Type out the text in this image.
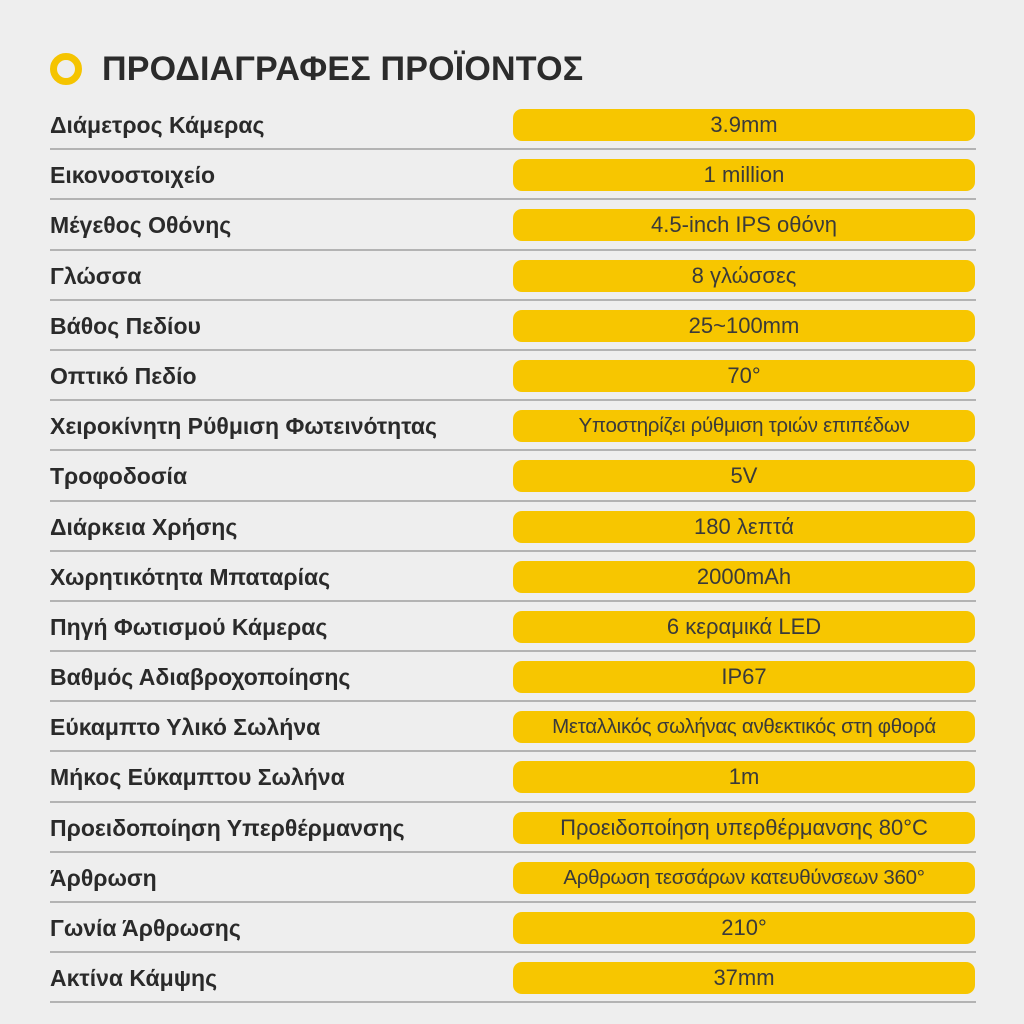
ΠΡΟΔΙΑΓΡΑΦΕΣ ΠΡΟΪΟΝΤΟΣ
Διάμετρος Κάμερας	3.9mm
Εικονοστοιχείο	1 million
Μέγεθος Οθόνης	4.5-inch IPS οθόνη
Γλώσσα	8 γλώσσες
Βάθος Πεδίου	25~100mm
Οπτικό Πεδίο	70°
Χειροκίνητη Ρύθμιση Φωτεινότητας	Υποστηρίζει ρύθμιση τριών επιπέδων
Τροφοδοσία	5V
Διάρκεια Χρήσης	180 λεπτά
Χωρητικότητα Μπαταρίας	2000mAh
Πηγή Φωτισμού Κάμερας	6 κεραμικά LED
Βαθμός Αδιαβροχοποίησης	IP67
Εύκαμπτο Υλικό Σωλήνα	Μεταλλικός σωλήνας ανθεκτικός στη φθορά
Μήκος Εύκαμπτου Σωλήνα	1m
Προειδοποίηση Υπερθέρμανσης	Προειδοποίηση υπερθέρμανσης 80°C
Άρθρωση	Αρθρωση τεσσάρων κατευθύνσεων 360°
Γωνία Άρθρωσης	210°
Ακτίνα Κάμψης	37mm
